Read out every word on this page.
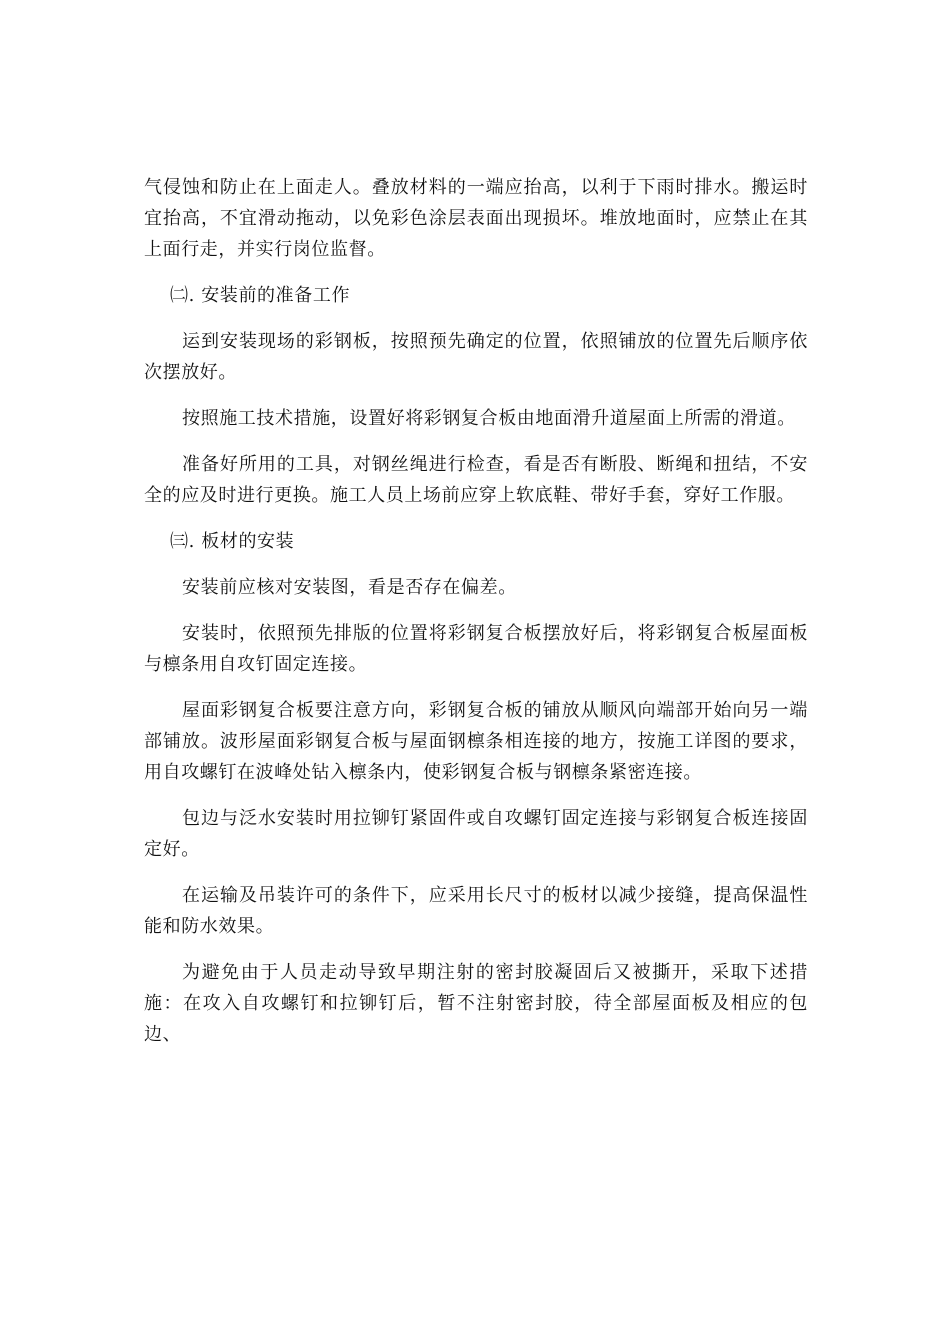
气侵蚀和防止在上面走人。叠放材料的一端应抬高，以利于下雨时排水。搬运时宜抬高，不宜滑动拖动，以免彩色涂层表面出现损坏。堆放地面时，应禁止在其上面行走，并实行岗位监督。

㈡. 安装前的准备工作

运到安装现场的彩钢板，按照预先确定的位置，依照铺放的位置先后顺序依次摆放好。

按照施工技术措施，设置好将彩钢复合板由地面滑升道屋面上所需的滑道。

准备好所用的工具，对钢丝绳进行检查，看是否有断股、断绳和扭结，不安全的应及时进行更换。施工人员上场前应穿上软底鞋、带好手套，穿好工作服。

㈢. 板材的安装

安装前应核对安装图，看是否存在偏差。

安装时，依照预先排版的位置将彩钢复合板摆放好后，将彩钢复合板屋面板与檩条用自攻钉固定连接。

屋面彩钢复合板要注意方向，彩钢复合板的铺放从顺风向端部开始向另一端部铺放。波形屋面彩钢复合板与屋面钢檩条相连接的地方，按施工详图的要求，用自攻螺钉在波峰处钻入檩条内，使彩钢复合板与钢檩条紧密连接。

包边与泛水安装时用拉铆钉紧固件或自攻螺钉固定连接与彩钢复合板连接固定好。

在运输及吊装许可的条件下，应采用长尺寸的板材以减少接缝，提高保温性能和防水效果。

为避免由于人员走动导致早期注射的密封胶凝固后又被撕开，采取下述措施：在攻入自攻螺钉和拉铆钉后，暂不注射密封胶，待全部屋面板及相应的包边、
